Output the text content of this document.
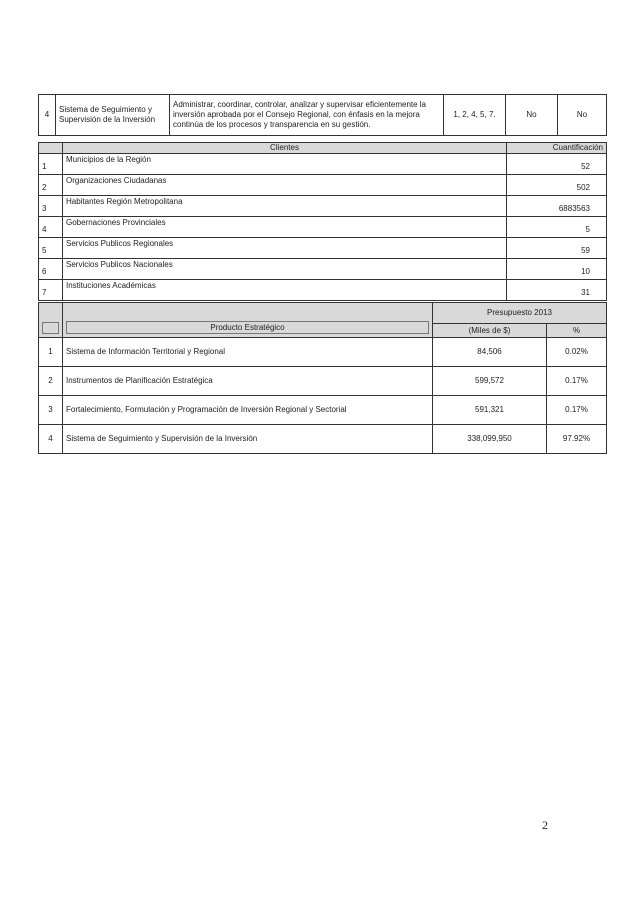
4	Sistema de Seguimiento y Supervisión de la Inversión	Administrar, coordinar, controlar, analizar y supervisar eficientemente la inversión aprobada por el Consejo Regional, con énfasis en la mejora continúa de los procesos y transparencia en su gestión.	1, 2, 4, 5, 7.	No	No
	Clientes	Cuantificación
1	Municipios de la Región	52
2	Organizaciones Ciudadanas	502
3	Habitantes Región Metropolitana	6883563
4	Gobernaciones Provinciales	5
5	Servicios Publicos Regionales	59
6	Servicios Publicos Nacionales	10
7	Instituciones Académicas	31

	Producto Estratégico	Presupuesto 2013	
		(Miles de $)	%
1	Sistema de Información Territorial y Regional	84,506	0.02%
2	Instrumentos de Planificación Estratégica	599,572	0.17%
3	Fortalecimiento, Formulación y Programación de Inversión Regional y Sectorial	591,321	0.17%
4	Sistema de Seguimiento y Supervisión de la Inversión	338,099,950	97.92%
2
